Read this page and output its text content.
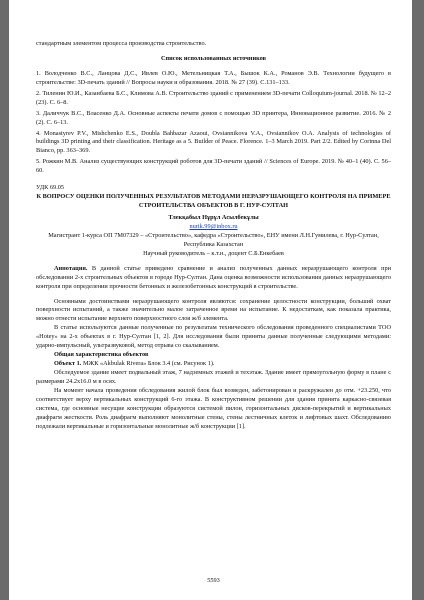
стандартным элементом процесса производства строительство.

Список использованных источников

1. Володченко В.С., Ланцова Д.С., Ивлев О.Ю., Метельницкая Т.А., Бышок К.А., Романов Э.В. Технологии будущего в строительстве: 3D-печать зданий // Вопросы науки и образования. 2018. № 27 (39). С.131–133.

2. Тиленин Ю.И., Казанбаева Б.С., Климова А.В. Строительство зданий с применением 3D-печати Colloquium-journal. 2018. № 12–2 (23). С. 6–8.

3. Даличчук В.С., Власенко Д.А. Основные аспекты печати домов с помощью 3D принтера, Инновационное развитие. 2016. № 2 (2). С. 6–13.

4. Monastyrev P.V., Mishchenko E.S., Doubla Bahbazar Azaoui, Ovsiannikova V.A., Ovsiannikov O.A. Analysis of technologies of buildings 3D printing and their classification. Heritage as a 5. Builder of Peace. Florence. 1–3 March 2019. Part 2/2. Edited by Corinna Del Bianco, pp. 363–369.

5. Рожкин М.В. Анализ существующих конструкций роботов для 3D-печати зданий // Sciences of Europe. 2019. № 40–1 (40). С. 56–60.

УДК 69.05

К ВОПРОСУ ОЦЕНКИ ПОЛУЧЕННЫХ РЕЗУЛЬТАТОВ МЕТОДАМИ НЕРАЗРУШАЮЩЕГО КОНТРОЛЯ НА ПРИМЕРЕ СТРОИТЕЛЬСТВА ОБЪЕКТОВ В Г. НУР-СУЛТАН

Тлекқабыл Нұрұл Асылбекұлы

nurik.99@inbox.ru

Магистрант 1-курса ОП 7М07329 – «Строительство», кафедра «Строительство», ЕНУ имени Л.Н.Гумилева, г. Нур-Султан, Республика Казахстан

Научный руководитель – к.т.н., доцент С.Б.Енкебаев

Аннотация. В данной статье приведено сравнение и анализ полученных данных неразрушающего контроля при обследовании 2-х строительных объектов в городе Нур-Султан. Дана оценка возможности использования данных неразрушающего контроля при определении прочности бетонных и железобетонных конструкций в строительстве.

Основными достоинствами неразрушающего контроля являются: сохранение целостности конструкции, больший охват поверхности испытаний, а также значительно малое затраченное время на испытание. К недостаткам, как показала практика, можно отнести испытание верхнего поверхностного слоя ж/б элемента.

В статье используются данные полученные по результатам технического обследования проведенного специалистами ТОО «Hotey» на 2-х объектах в г. Нур-Султан [1, 2]. Для исследования были приняты данные полученные следующими методами: ударно-импульсный, ультразвуковой, метод отрыва со скалыванием.

Общая характеристика объектов

Объект 1. МЖК «Akbulak Rivera» Блок 3.4 (см. Рисунок 1).

Обследуемое здание имеет подвальный этаж, 7 надземных этажей и техэтаж. Здание имеет прямоугольную форму в плане с размерами 24.2x16.0 м в осях.

На момент начала проведения обследования жилой блок был возведен, забетонирован и раскружален до отм. +23.250, что соответствует верху вертикальных конструкций 6-го этажа. В конструктивном решении для здания принята каркасно-связевая система, где основные несущие конструкции образуются системой пилон, горизонтальных дисков-перекрытий и вертикальных диафрагм жесткости. Роль диафрагм выполняют монолитные стены, стены лестничных клеток и лифтовых шахт. Обследованию подлежали вертикальные и горизонтальные монолитные ж/б конструкции [1].

5593
